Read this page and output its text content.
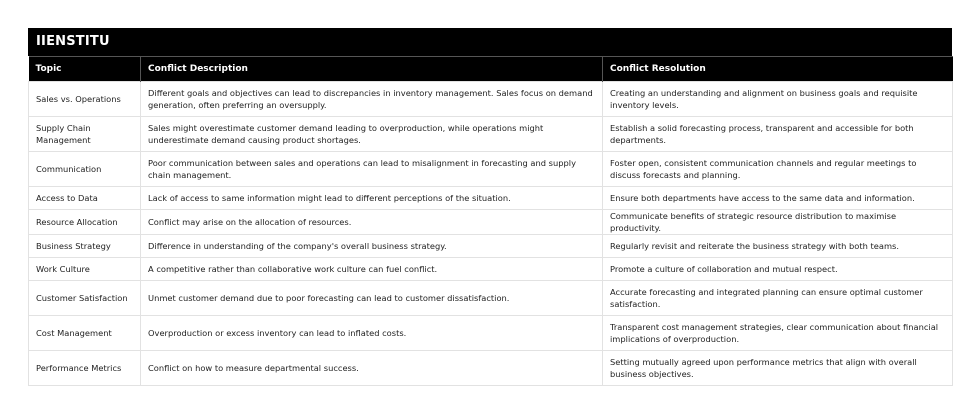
IIENSTITU
Topic	Conflict Description	Conflict Resolution
Sales vs. Operations	Different goals and objectives can lead to discrepancies in inventory management. Sales focus on demand generation, often preferring an oversupply.	Creating an understanding and alignment on business goals and requisite inventory levels.
Supply Chain Management	Sales might overestimate customer demand leading to overproduction, while operations might underestimate demand causing product shortages.	Establish a solid forecasting process, transparent and accessible for both departments.
Communication	Poor communication between sales and operations can lead to misalignment in forecasting and supply chain management.	Foster open, consistent communication channels and regular meetings to discuss forecasts and planning.
Access to Data	Lack of access to same information might lead to different perceptions of the situation.	Ensure both departments have access to the same data and information.
Resource Allocation	Conflict may arise on the allocation of resources.	Communicate benefits of strategic resource distribution to maximise productivity.
Business Strategy	Difference in understanding of the company's overall business strategy.	Regularly revisit and reiterate the business strategy with both teams.
Work Culture	A competitive rather than collaborative work culture can fuel conflict.	Promote a culture of collaboration and mutual respect.
Customer Satisfaction	Unmet customer demand due to poor forecasting can lead to customer dissatisfaction.	Accurate forecasting and integrated planning can ensure optimal customer satisfaction.
Cost Management	Overproduction or excess inventory can lead to inflated costs.	Transparent cost management strategies, clear communication about financial implications of overproduction.
Performance Metrics	Conflict on how to measure departmental success.	Setting mutually agreed upon performance metrics that align with overall business objectives.
